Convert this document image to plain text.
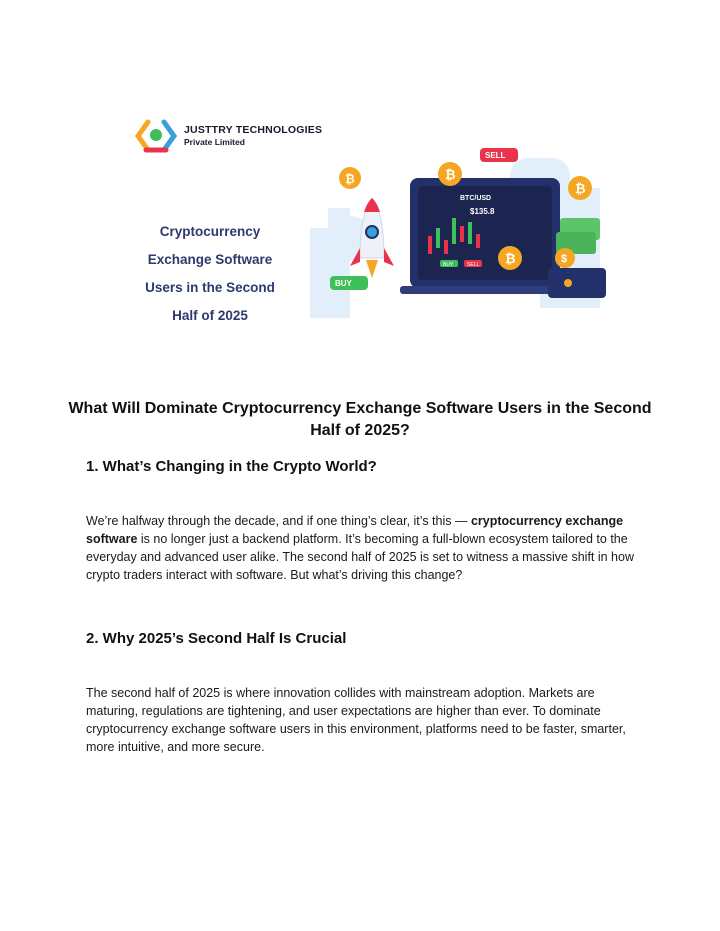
JUSTTRY TECHNOLOGIES
Private Limited
Cryptocurrency
Exchange Software
Users in the Second
Half of 2025
BTC/USD
$135.8
BUY	SELL
₿
₿
₿
₿
$
SELL
BUY
What Will Dominate Cryptocurrency Exchange Software Users in the Second Half of 2025?
1. What’s Changing in the Crypto World?
We’re halfway through the decade, and if one thing’s clear, it’s this — cryptocurrency exchange software is no longer just a backend platform. It’s becoming a full-blown ecosystem tailored to the everyday and advanced user alike. The second half of 2025 is set to witness a massive shift in how crypto traders interact with software. But what’s driving this change?
2. Why 2025’s Second Half Is Crucial
The second half of 2025 is where innovation collides with mainstream adoption. Markets are maturing, regulations are tightening, and user expectations are higher than ever. To dominate cryptocurrency exchange software users in this environment, platforms need to be faster, smarter, more intuitive, and more secure.
